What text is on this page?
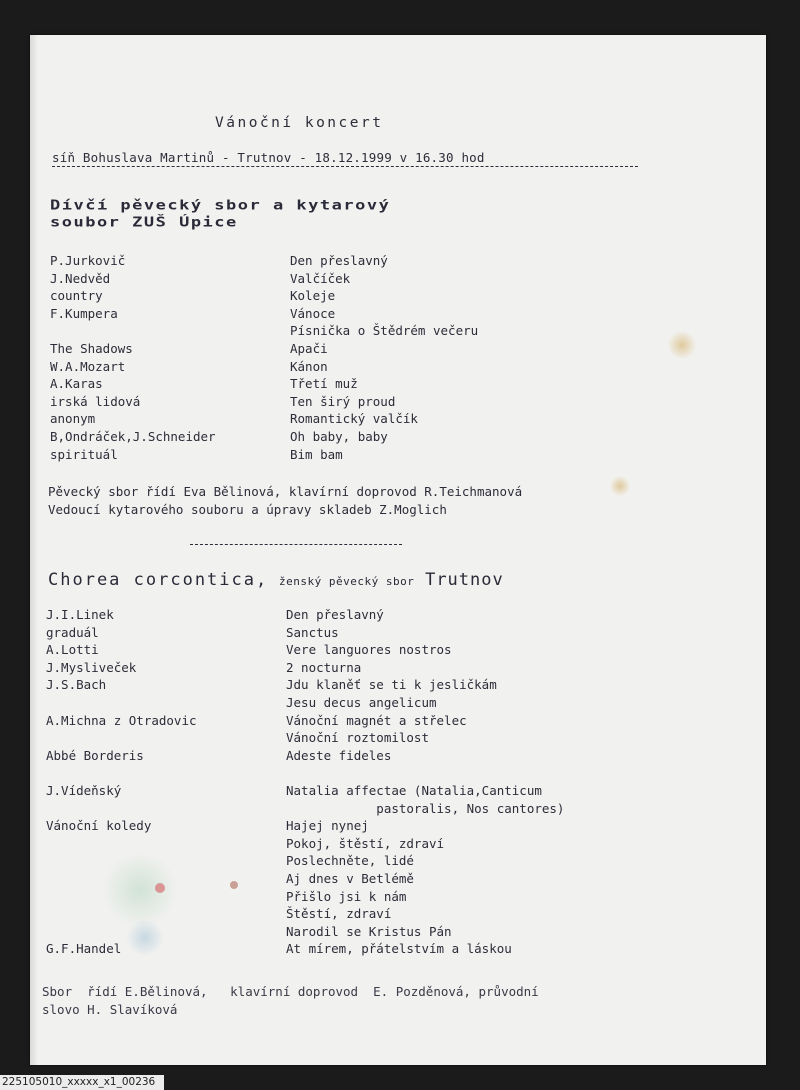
Vánoční koncert
síň Bohuslava Martinů - Trutnov - 18.12.1999 v 16.30 hod
Dívčí pěvecký sbor a kytarový
soubor ZUŠ Úpice
P.Jurkovič
J.Nedvěd
country
F.Kumpera
The Shadows
W.A.Mozart
A.Karas
irská lidová
anonym
B,Ondráček,J.Schneider
spirituál
Den přeslavný
Valčíček
Koleje
Vánoce
Písnička o Štědrém večeru
Apači
Kánon
Třetí muž
Ten širý proud
Romantický valčík
Oh baby, baby
Bim bam
Pěvecký sbor řídí Eva Bělinová, klavírní doprovod R.Teichmanová
Vedoucí kytarového souboru a úpravy skladeb Z.Moglich
Chorea corcontica, ženský pěvecký sbor Trutnov
J.I.Linek
graduál
A.Lotti
J.Mysliveček
J.S.Bach
A.Michna z Otradovic
Abbé Borderis
J.Vídeňský
Vánoční koledy
G.F.Handel
Den přeslavný
Sanctus
Vere languores nostros
2 nocturna
Jdu klaněť se ti k jesličkám
Jesu decus angelicum
Vánoční magnét a střelec
Vánoční roztomilost
Adeste fideles
Natalia affectae (Natalia,Canticum
pastoralis, Nos cantores)
Hajej nynej
Pokoj, štěstí, zdraví
Poslechněte, lidé
Aj dnes v Betlémě
Přišlo jsi k nám
Štěstí, zdraví
Narodil se Kristus Pán
At mírem, přátelstvím a láskou
Sbor  řídí E.Bělinová,   klavírní doprovod  E. Pozděnová, průvodní
slovo H. Slavíková
225105010_xxxxx_x1_00236
